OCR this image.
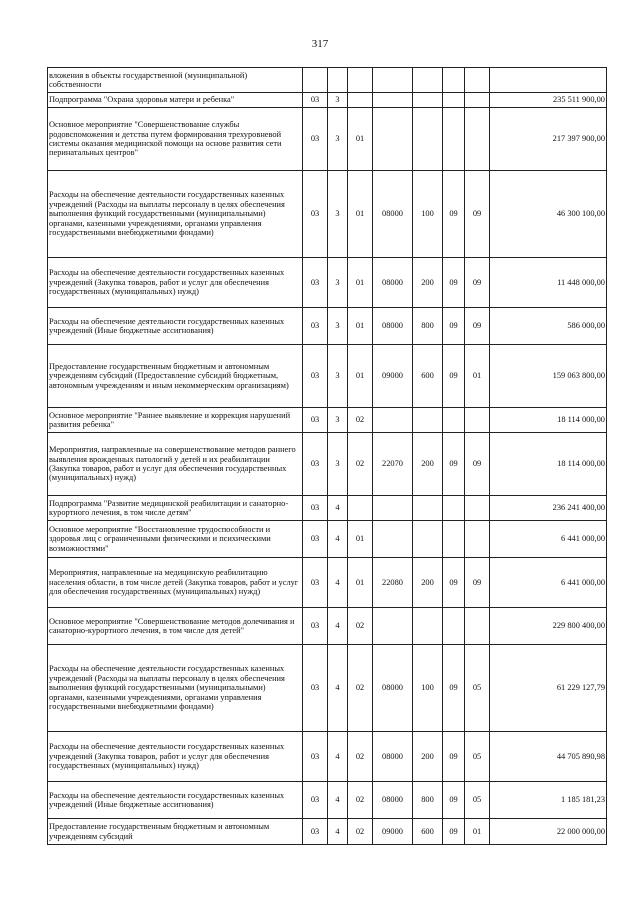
317
вложения в объекты государственной (муниципальной) собственности								
Подпрограмма "Охрана здоровья матери и ребенка"	03	3						235 511 900,00
Основное мероприятие "Совершенствование службы родовспоможения и детства путем формирования трехуровневой системы оказания медицинской помощи на основе развития сети перинатальных центров"	03	3	01					217 397 900,00
Расходы на обеспечение деятельности государственных казенных учреждений (Расходы на выплаты персоналу в целях обеспечения выполнения функций государственными (муниципальными) органами, казенными учреждениями, органами управления государственными внебюджетными фондами)	03	3	01	08000	100	09	09	46 300 100,00
Расходы на обеспечение деятельности государственных казенных учреждений (Закупка товаров, работ и услуг для обеспечения государственных (муниципальных) нужд)	03	3	01	08000	200	09	09	11 448 000,00
Расходы на обеспечение деятельности государственных казенных учреждений (Иные бюджетные ассигнования)	03	3	01	08000	800	09	09	586 000,00
Предоставление государственным бюджетным и автономным учреждениям субсидий (Предоставление субсидий бюджетным, автономным учреждениям и иным некоммерческим организациям)	03	3	01	09000	600	09	01	159 063 800,00
Основное мероприятие "Раннее выявление и коррекция нарушений развития ребенка"	03	3	02					18 114 000,00
Мероприятия, направленные на совершенствование методов раннего выявления врожденных патологий у детей и их реабилитации (Закупка товаров, работ и услуг для обеспечения государственных (муниципальных) нужд)	03	3	02	22070	200	09	09	18 114 000,00
Подпрограмма "Развитие медицинской реабилитации и санаторно-курортного лечения, в том числе детям"	03	4						236 241 400,00
Основное мероприятие "Восстановление трудоспособности и здоровья лиц с ограниченными физическими и психическими возможностями"	03	4	01					6 441 000,00
Мероприятия, направленные на медицинскую реабилитацию населения области, в том числе детей (Закупка товаров, работ и услуг для обеспечения государственных (муниципальных) нужд)	03	4	01	22080	200	09	09	6 441 000,00
Основное мероприятие "Совершенствование методов долечивания и санаторно-курортного лечения, в том числе для детей"	03	4	02					229 800 400,00
Расходы на обеспечение деятельности государственных казенных учреждений (Расходы на выплаты персоналу в целях обеспечения выполнения функций государственными (муниципальными) органами, казенными учреждениями, органами управления государственными внебюджетными фондами)	03	4	02	08000	100	09	05	61 229 127,79
Расходы на обеспечение деятельности государственных казенных учреждений (Закупка товаров, работ и услуг для обеспечения государственных (муниципальных) нужд)	03	4	02	08000	200	09	05	44 705 890,98
Расходы на обеспечение деятельности государственных казенных учреждений (Иные бюджетные ассигнования)	03	4	02	08000	800	09	05	1 185 181,23
Предоставление государственным бюджетным и автономным учреждениям субсидий	03	4	02	09000	600	09	01	22 000 000,00
